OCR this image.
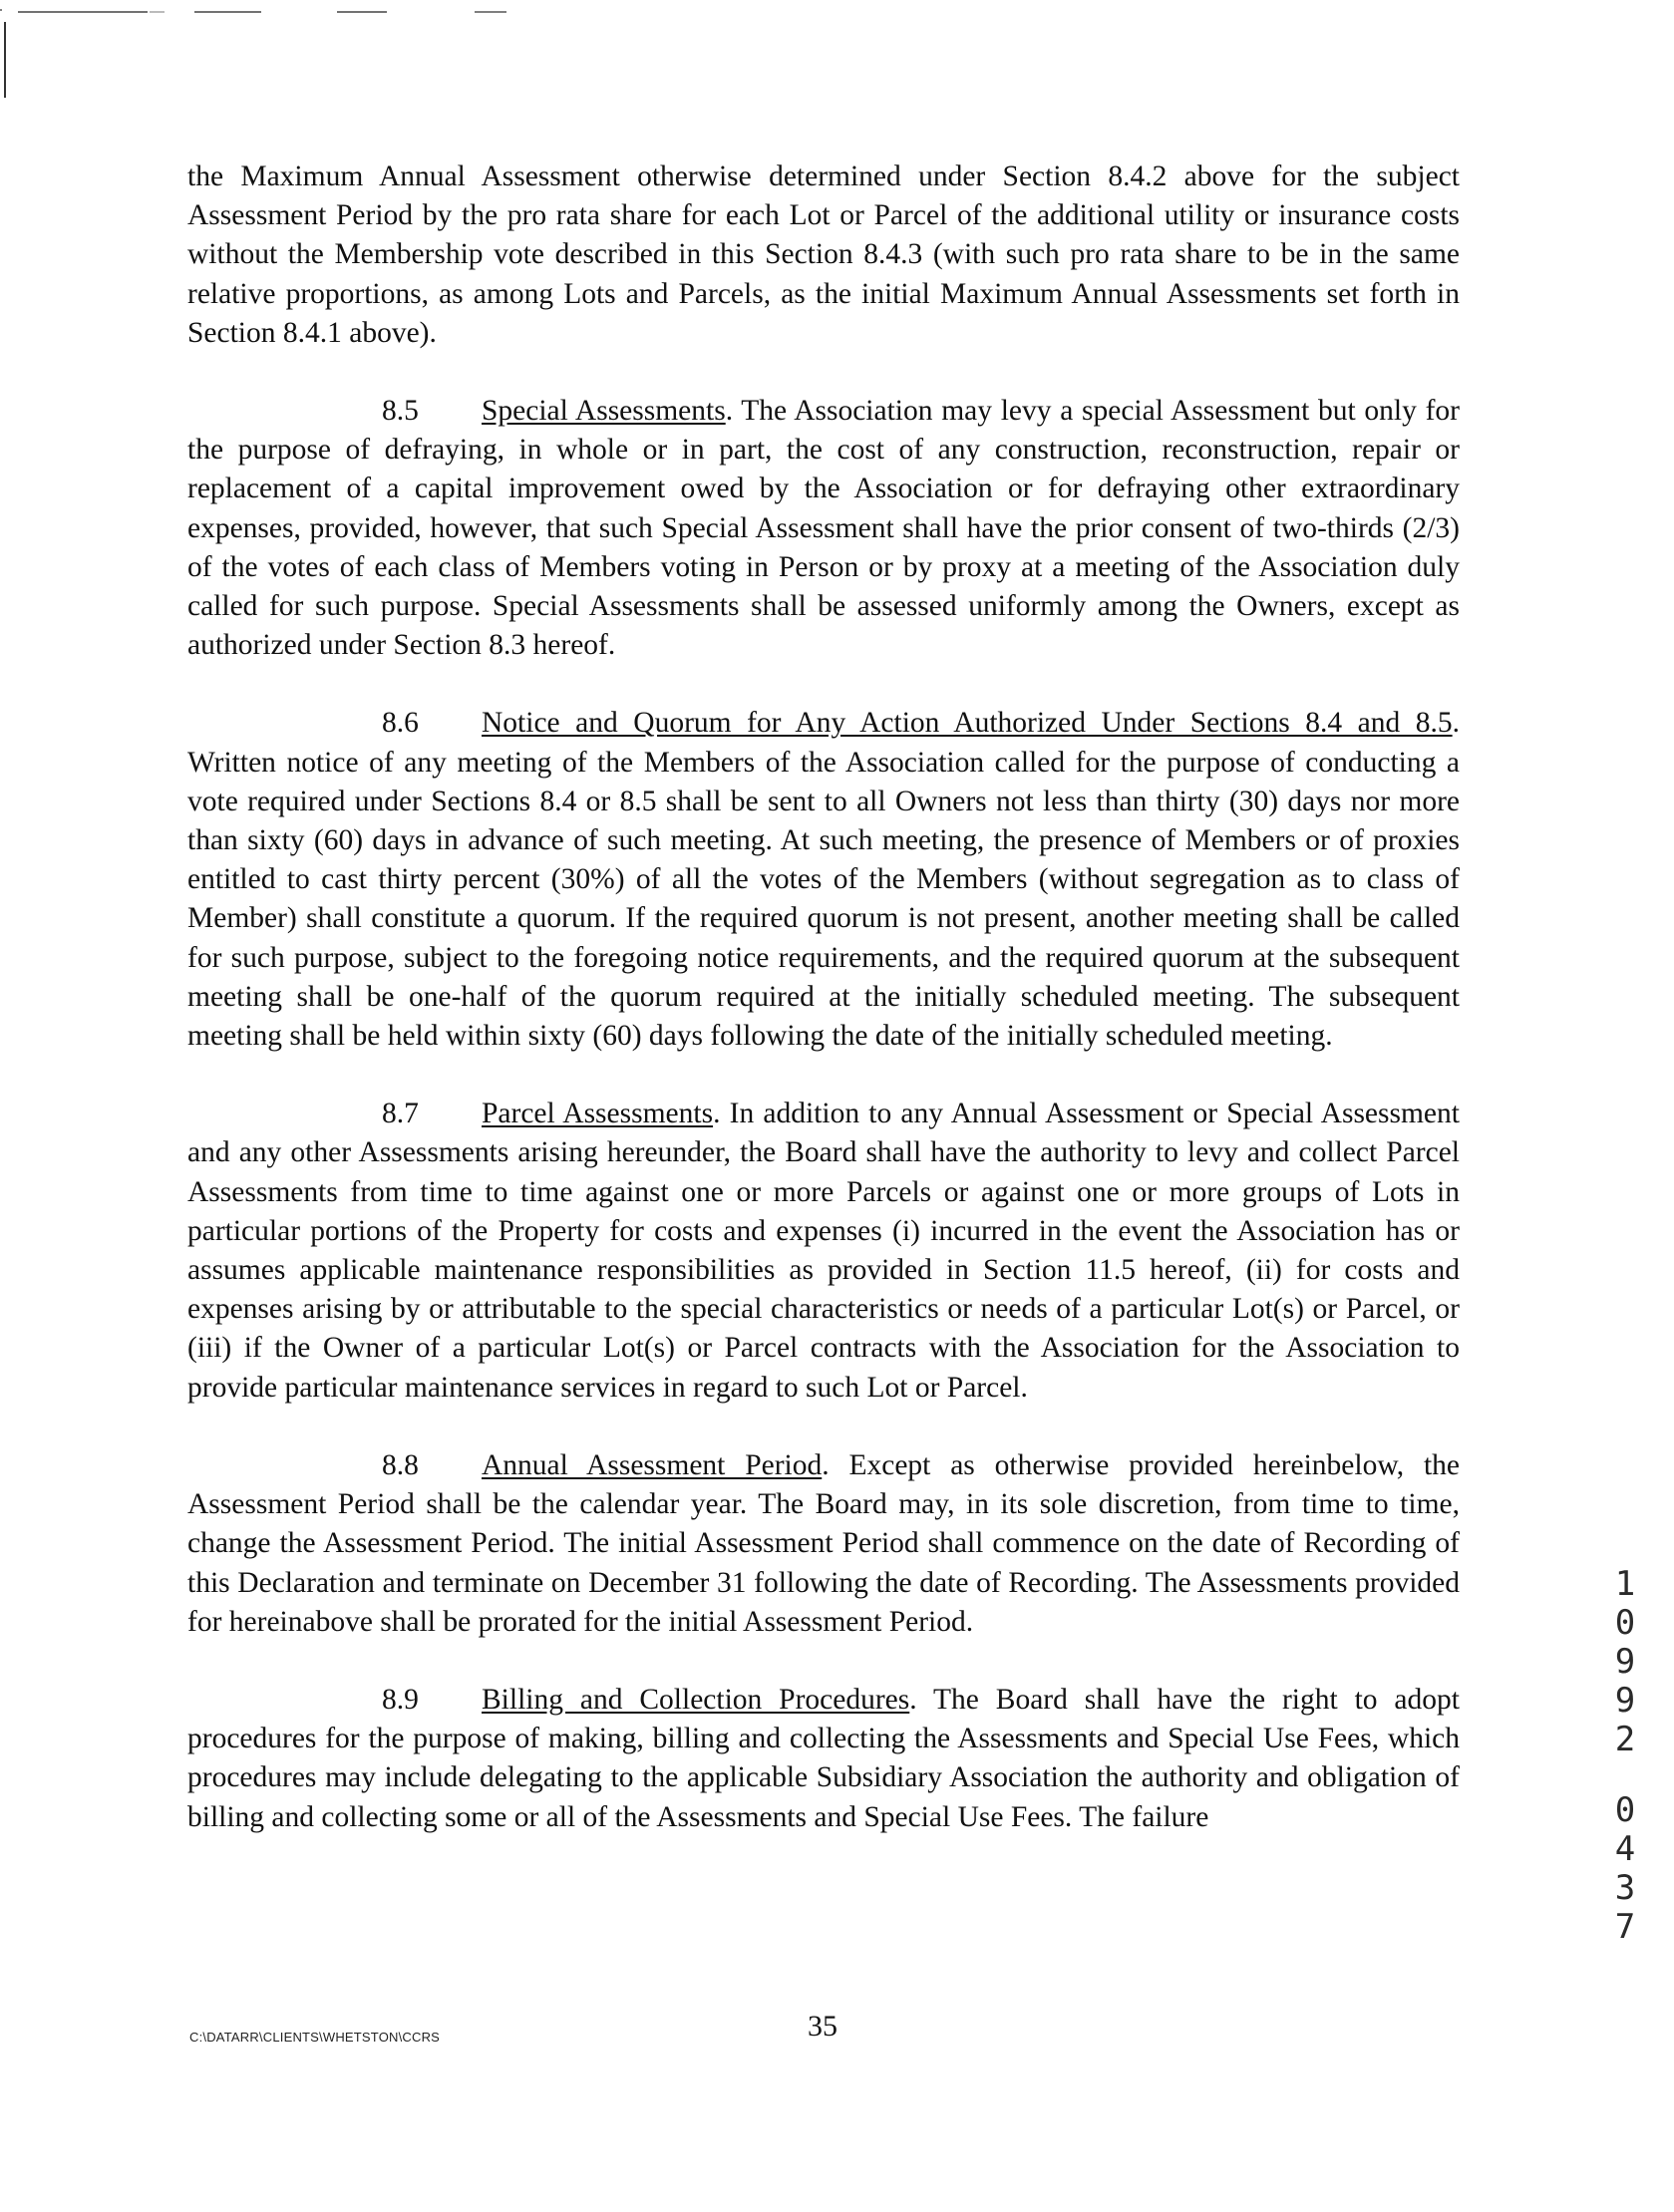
the Maximum Annual Assessment otherwise determined under Section 8.4.2 above for the subject Assessment Period by the pro rata share for each Lot or Parcel of the additional utility or insurance costs without the Membership vote described in this Section 8.4.3 (with such pro rata share to be in the same relative proportions, as among Lots and Parcels, as the initial Maximum Annual Assessments set forth in Section 8.4.1 above).

8.5 Special Assessments. The Association may levy a special Assessment but only for the purpose of defraying, in whole or in part, the cost of any construction, reconstruction, repair or replacement of a capital improvement owed by the Association or for defraying other extraordinary expenses, provided, however, that such Special Assessment shall have the prior consent of two-thirds (2/3) of the votes of each class of Members voting in Person or by proxy at a meeting of the Association duly called for such purpose. Special Assessments shall be assessed uniformly among the Owners, except as authorized under Section 8.3 hereof.

8.6 Notice and Quorum for Any Action Authorized Under Sections 8.4 and 8.5. Written notice of any meeting of the Members of the Association called for the purpose of conducting a vote required under Sections 8.4 or 8.5 shall be sent to all Owners not less than thirty (30) days nor more than sixty (60) days in advance of such meeting. At such meeting, the presence of Members or of proxies entitled to cast thirty percent (30%) of all the votes of the Members (without segregation as to class of Member) shall constitute a quorum. If the required quorum is not present, another meeting shall be called for such purpose, subject to the foregoing notice requirements, and the required quorum at the subsequent meeting shall be one-half of the quorum required at the initially scheduled meeting. The subsequent meeting shall be held within sixty (60) days following the date of the initially scheduled meeting.

8.7 Parcel Assessments. In addition to any Annual Assessment or Special Assessment and any other Assessments arising hereunder, the Board shall have the authority to levy and collect Parcel Assessments from time to time against one or more Parcels or against one or more groups of Lots in particular portions of the Property for costs and expenses (i) incurred in the event the Association has or assumes applicable maintenance responsibilities as provided in Section 11.5 hereof, (ii) for costs and expenses arising by or attributable to the special characteristics or needs of a particular Lot(s) or Parcel, or (iii) if the Owner of a particular Lot(s) or Parcel contracts with the Association for the Association to provide particular maintenance services in regard to such Lot or Parcel.

8.8 Annual Assessment Period. Except as otherwise provided hereinbelow, the Assessment Period shall be the calendar year. The Board may, in its sole discretion, from time to time, change the Assessment Period. The initial Assessment Period shall commence on the date of Recording of this Declaration and terminate on December 31 following the date of Recording. The Assessments provided for hereinabove shall be prorated for the initial Assessment Period.

8.9 Billing and Collection Procedures. The Board shall have the right to adopt procedures for the purpose of making, billing and collecting the Assessments and Special Use Fees, which procedures may include delegating to the applicable Subsidiary Association the authority and obligation of billing and collecting some or all of the Assessments and Special Use Fees. The failure

1
0
9
9
2
0
4
3
7
C:\DATARR\CLIENTS\WHETSTON\CCRS	35
